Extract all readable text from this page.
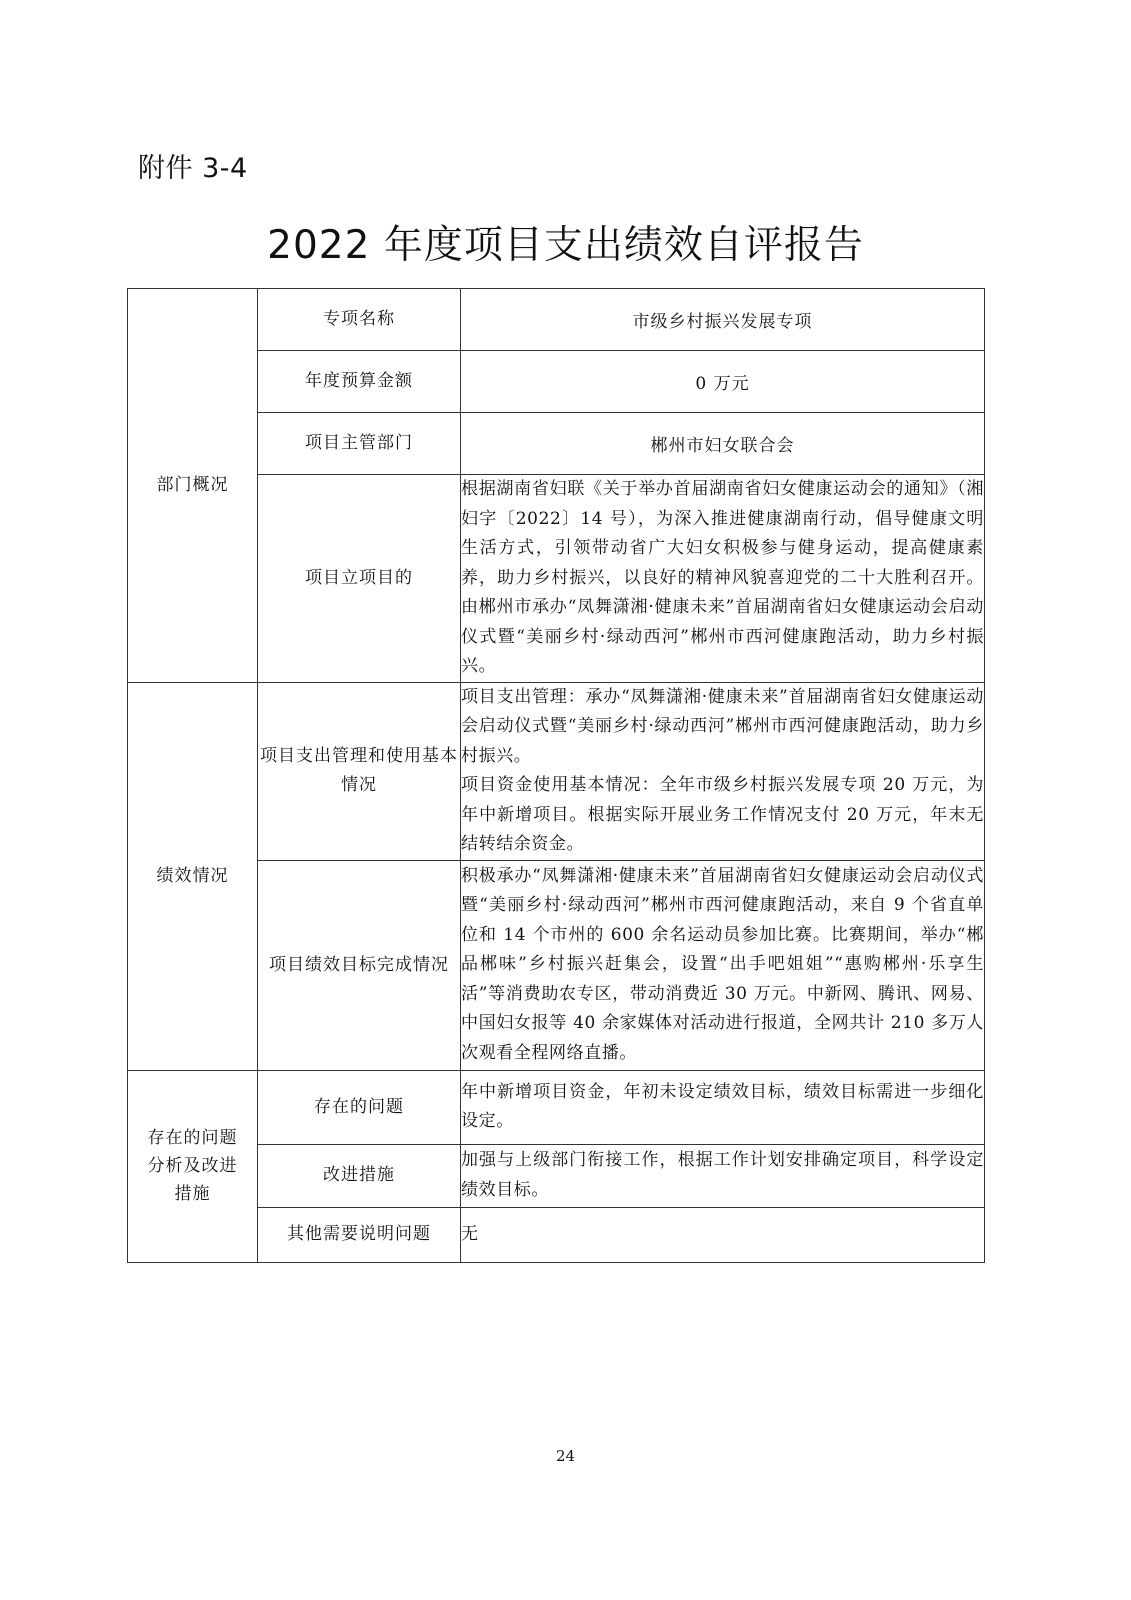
附件 3-4
2022 年度项目支出绩效自评报告
部门概况	专项名称	市级乡村振兴发展专项
	年度预算金额	0 万元
	项目主管部门	郴州市妇女联合会
	项目立项目的	根据湖南省妇联《关于举办首届湖南省妇女健康运动会的通知》（湘妇字〔2022〕14 号），为深入推进健康湖南行动，倡导健康文明生活方式，引领带动省广大妇女积极参与健身运动，提高健康素养，助力乡村振兴，以良好的精神风貌喜迎党的二十大胜利召开。由郴州市承办“凤舞潇湘·健康未来”首届湖南省妇女健康运动会启动仪式暨“美丽乡村·绿动西河”郴州市西河健康跑活动，助力乡村振兴。
绩效情况	项目支出管理和使用基本情况	项目支出管理：承办“凤舞潇湘·健康未来”首届湖南省妇女健康运动会启动仪式暨“美丽乡村·绿动西河”郴州市西河健康跑活动，助力乡村振兴。

项目资金使用基本情况：全年市级乡村振兴发展专项 20 万元，为年中新增项目。根据实际开展业务工作情况支付 20 万元，年末无结转结余资金。

	项目绩效目标完成情况	积极承办“凤舞潇湘·健康未来”首届湖南省妇女健康运动会启动仪式暨“美丽乡村·绿动西河”郴州市西河健康跑活动，来自 9 个省直单位和 14 个市州的 600 余名运动员参加比赛。比赛期间，举办“郴品郴味”乡村振兴赶集会，设置“出手吧姐姐”“惠购郴州·乐享生活”等消费助农专区，带动消费近 30 万元。中新网、腾讯、网易、中国妇女报等 40 余家媒体对活动进行报道，全网共计 210 多万人次观看全程网络直播。
存在的问题分析及改进措施	存在的问题	年中新增项目资金，年初未设定绩效目标，绩效目标需进一步细化设定。
	改进措施	加强与上级部门衔接工作，根据工作计划安排确定项目，科学设定绩效目标。
	其他需要说明问题	无
24
